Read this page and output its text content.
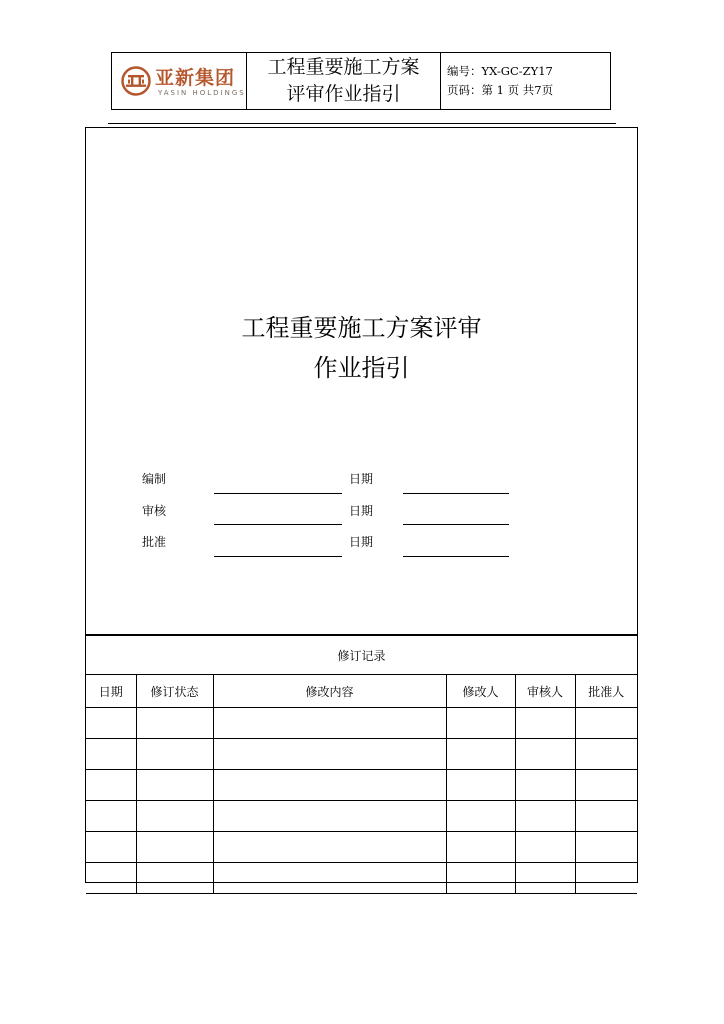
亚新集团
YASIN HOLDINGS
工程重要施工方案
评审作业指引
编号：YX-GC-ZY17
页码：第 1 页 共7页
工程重要施工方案评审
作业指引
编制	日期
审核	日期
批准	日期
修订记录					
日期	修订状态	修改内容	修改人	审核人	批准人
